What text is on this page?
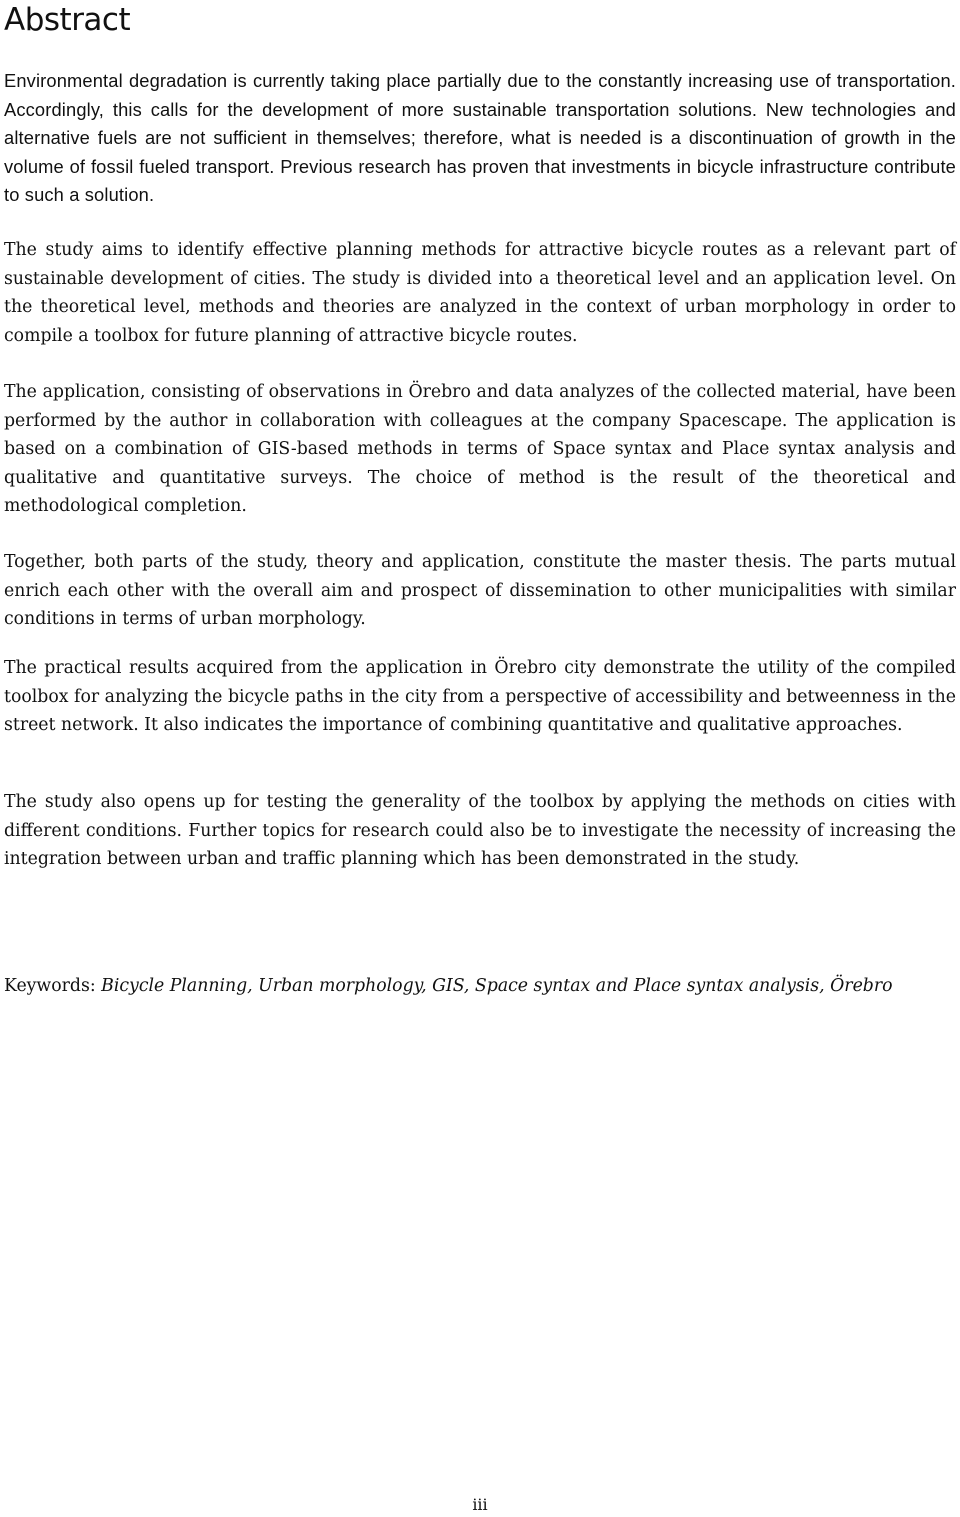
Abstract

Environmental degradation is currently taking place partially due to the constantly increasing use of transportation. Accordingly, this calls for the development of more sustainable transportation solutions. New technologies and alternative fuels are not sufficient in themselves; therefore, what is needed is a discontinuation of growth in the volume of fossil fueled transport. Previous research has proven that investments in bicycle infrastructure contribute to such a solution.

The study aims to identify effective planning methods for attractive bicycle routes as a relevant part of sustainable development of cities. The study is divided into a theoretical level and an application level. On the theoretical level, methods and theories are analyzed in the context of urban morphology in order to compile a toolbox for future planning of attractive bicycle routes.

The application, consisting of observations in Örebro and data analyzes of the collected material, have been performed by the author in collaboration with colleagues at the company Spacescape. The application is based on a combination of GIS-based methods in terms of Space syntax and Place syntax analysis and qualitative and quantitative surveys. The choice of method is the result of the theoretical and methodological completion.

Together, both parts of the study, theory and application, constitute the master thesis. The parts mutual enrich each other with the overall aim and prospect of dissemination to other municipalities with similar conditions in terms of urban morphology.

The practical results acquired from the application in Örebro city demonstrate the utility of the compiled toolbox for analyzing the bicycle paths in the city from a perspective of accessibility and betweenness in the street network. It also indicates the importance of combining quantitative and qualitative approaches.

The study also opens up for testing the generality of the toolbox by applying the methods on cities with different conditions. Further topics for research could also be to investigate the necessity of increasing the integration between urban and traffic planning which has been demonstrated in the study.

Keywords: Bicycle Planning, Urban morphology, GIS, Space syntax and Place syntax analysis, Örebro

iii
